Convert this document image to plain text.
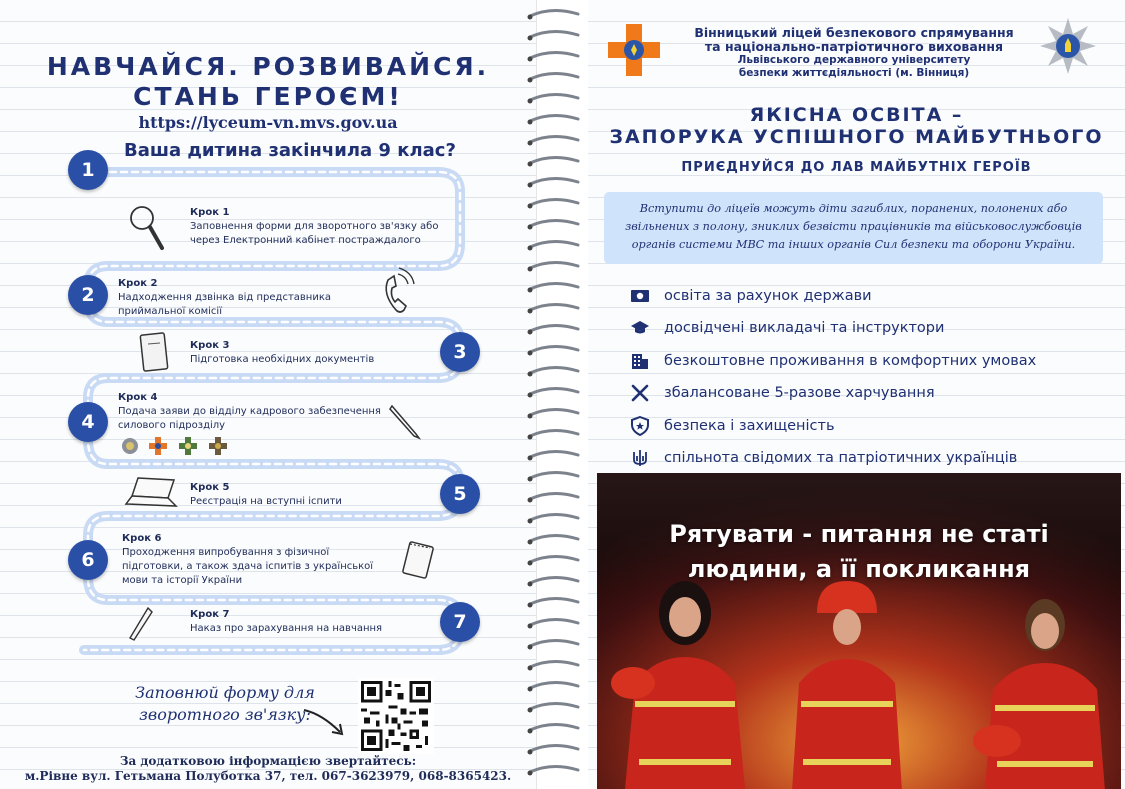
НАВЧАЙСЯ. РОЗВИВАЙСЯ.
СТАНЬ ГЕРОЄМ!
https://lyceum-vn.mvs.gov.ua
Ваша дитина закінчила 9 клас?
1
2
3
4
5
6
7
Крок 1
Заповнення форми для зворотного зв'язку або через Електронний кабінет постраждалого
Крок 2
Надходження дзвінка від представника приймальної комісії
Крок 3
Підготовка необхідних документів
Крок 4
Подача заяви до відділу кадрового забезпечення силового підрозділу
Крок 5
Реєстрація на вступні іспити
Крок 6
Проходження випробування з фізичної підготовки, а також здача іспитів з української мови та історії України
Крок 7
Наказ про зарахування на навчання
Заповнюй форму для зворотного зв'язку:
За додатковою інформацією звертайтесь:
м.Рівне вул. Гетьмана Полуботка 37, тел. 067-3623979, 068-8365423.
Вінницький ліцей безпекового спрямування
та національно-патріотичного виховання
Львівського державного університету
безпеки життєдіяльності (м. Вінниця)
ЯКІСНА ОСВІТА –
ЗАПОРУКА УСПІШНОГО МАЙБУТНЬОГО
ПРИЄДНУЙСЯ ДО ЛАВ МАЙБУТНІХ ГЕРОЇВ

Вступити до ліцеїв можуть діти загиблих, поранених, полонених або звільнених з полону, зниклих безвісти працівників та військовослужбовців органів системи МВС та інших органів Сил безпеки та оборони України.

освіта за рахунок держави
досвідчені викладачі та інструктори
безкоштовне проживання в комфортних умовах
збалансоване 5-разове харчування
безпека і захищеність
спільнота свідомих та патріотичних українців
Рятувати - питання не статі
людини, а її покликання
